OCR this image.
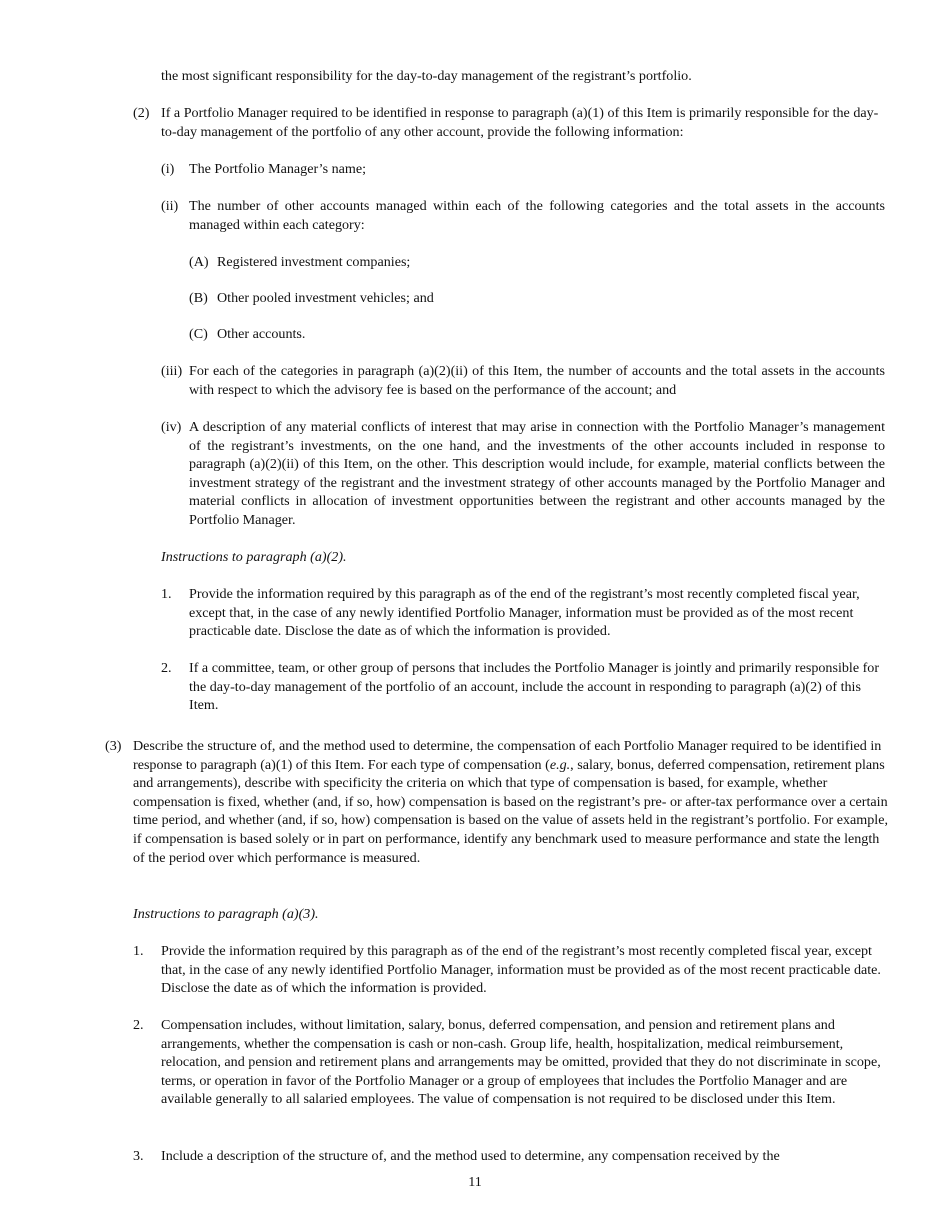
the most significant responsibility for the day-to-day management of the registrant’s portfolio.

(2) If a Portfolio Manager required to be identified in response to paragraph (a)(1) of this Item is primarily responsible for the day-to-day management of the portfolio of any other account, provide the following information:
(i) The Portfolio Manager’s name;
(ii) The number of other accounts managed within each of the following categories and the total assets in the accounts managed within each category:
(A) Registered investment companies;
(B) Other pooled investment vehicles; and
(C) Other accounts.
(iii) For each of the categories in paragraph (a)(2)(ii) of this Item, the number of accounts and the total assets in the accounts with respect to which the advisory fee is based on the performance of the account; and
(iv) A description of any material conflicts of interest that may arise in connection with the Portfolio Manager’s management of the registrant’s investments, on the one hand, and the investments of the other accounts included in response to paragraph (a)(2)(ii) of this Item, on the other. This description would include, for example, material conflicts between the investment strategy of the registrant and the investment strategy of other accounts managed by the Portfolio Manager and material conflicts in allocation of investment opportunities between the registrant and other accounts managed by the Portfolio Manager.

Instructions to paragraph (a)(2).

1. Provide the information required by this paragraph as of the end of the registrant’s most recently completed fiscal year, except that, in the case of any newly identified Portfolio Manager, information must be provided as of the most recent practicable date. Disclose the date as of which the information is provided.
2. If a committee, team, or other group of persons that includes the Portfolio Manager is jointly and primarily responsible for the day-to-day management of the portfolio of an account, include the account in responding to paragraph (a)(2) of this Item.
(3) Describe the structure of, and the method used to determine, the compensation of each Portfolio Manager required to be identified in response to paragraph (a)(1) of this Item. For each type of compensation (e.g., salary, bonus, deferred compensation, retirement plans and arrangements), describe with specificity the criteria on which that type of compensation is based, for example, whether compensation is fixed, whether (and, if so, how) compensation is based on the registrant’s pre- or after-tax performance over a certain time period, and whether (and, if so, how) compensation is based on the value of assets held in the registrant’s portfolio. For example, if compensation is based solely or in part on performance, identify any benchmark used to measure performance and state the length of the period over which performance is measured.

Instructions to paragraph (a)(3).

1. Provide the information required by this paragraph as of the end of the registrant’s most recently completed fiscal year, except that, in the case of any newly identified Portfolio Manager, information must be provided as of the most recent practicable date. Disclose the date as of which the information is provided.
2. Compensation includes, without limitation, salary, bonus, deferred compensation, and pension and retirement plans and arrangements, whether the compensation is cash or non-cash. Group life, health, hospitalization, medical reimbursement, relocation, and pension and retirement plans and arrangements may be omitted, provided that they do not discriminate in scope, terms, or operation in favor of the Portfolio Manager or a group of employees that includes the Portfolio Manager and are available generally to all salaried employees. The value of compensation is not required to be disclosed under this Item.
3. Include a description of the structure of, and the method used to determine, any compensation received by the
11
